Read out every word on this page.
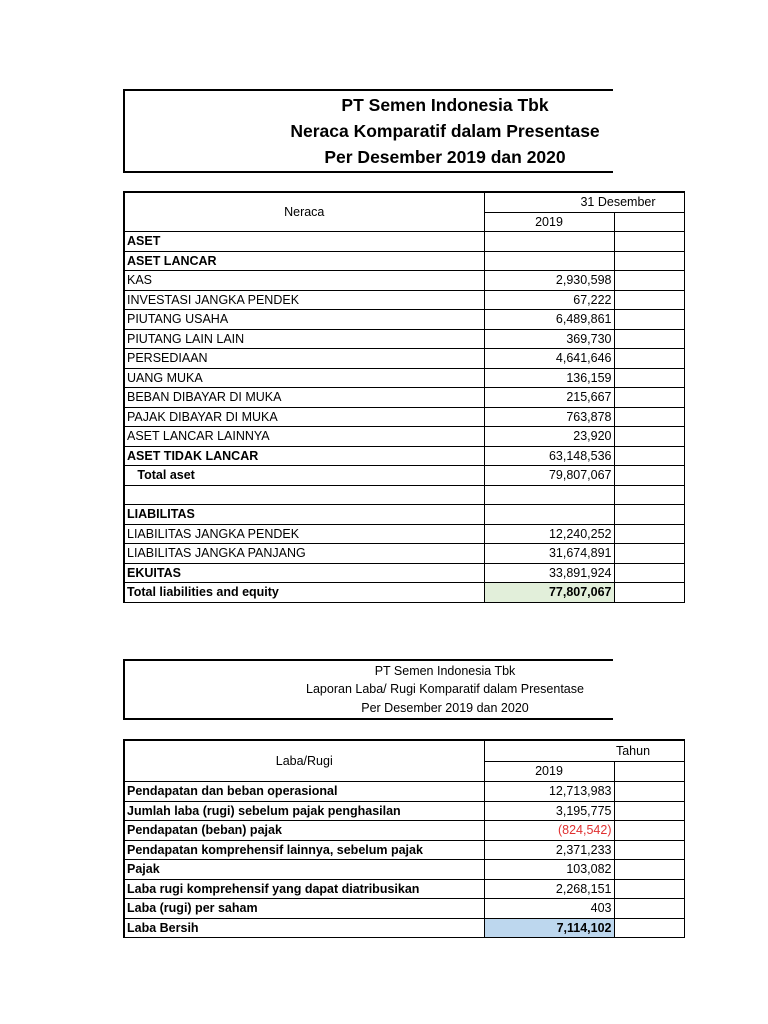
PT Semen Indonesia Tbk
Neraca Komparatif dalam Presentase
Per Desember 2019 dan 2020
Neraca	31 Desember	
	2019	
ASET		
ASET LANCAR		
KAS	2,930,598	
INVESTASI JANGKA PENDEK	67,222	
PIUTANG USAHA	6,489,861	
PIUTANG LAIN LAIN	369,730	
PERSEDIAAN	4,641,646	
UANG MUKA	136,159	
BEBAN DIBAYAR DI MUKA	215,667	
PAJAK DIBAYAR DI MUKA	763,878	
ASET LANCAR LAINNYA	23,920	
ASET TIDAK LANCAR	63,148,536	
Total aset	79,807,067	

LIABILITAS		
LIABILITAS JANGKA PENDEK	12,240,252	
LIABILITAS JANGKA PANJANG	31,674,891	
EKUITAS	33,891,924	
Total liabilities and equity	77,807,067	
PT Semen Indonesia Tbk
Laporan Laba/ Rugi Komparatif dalam Presentase
Per Desember 2019 dan 2020
Laba/Rugi	Tahun	
	2019	
Pendapatan dan beban operasional	12,713,983	
Jumlah laba (rugi) sebelum pajak penghasilan	3,195,775	
Pendapatan (beban) pajak	(824,542)	
Pendapatan komprehensif lainnya, sebelum pajak	2,371,233	
Pajak	103,082	
Laba rugi komprehensif yang dapat diatribusikan	2,268,151	
Laba (rugi) per saham	403	
Laba Bersih	7,114,102	
